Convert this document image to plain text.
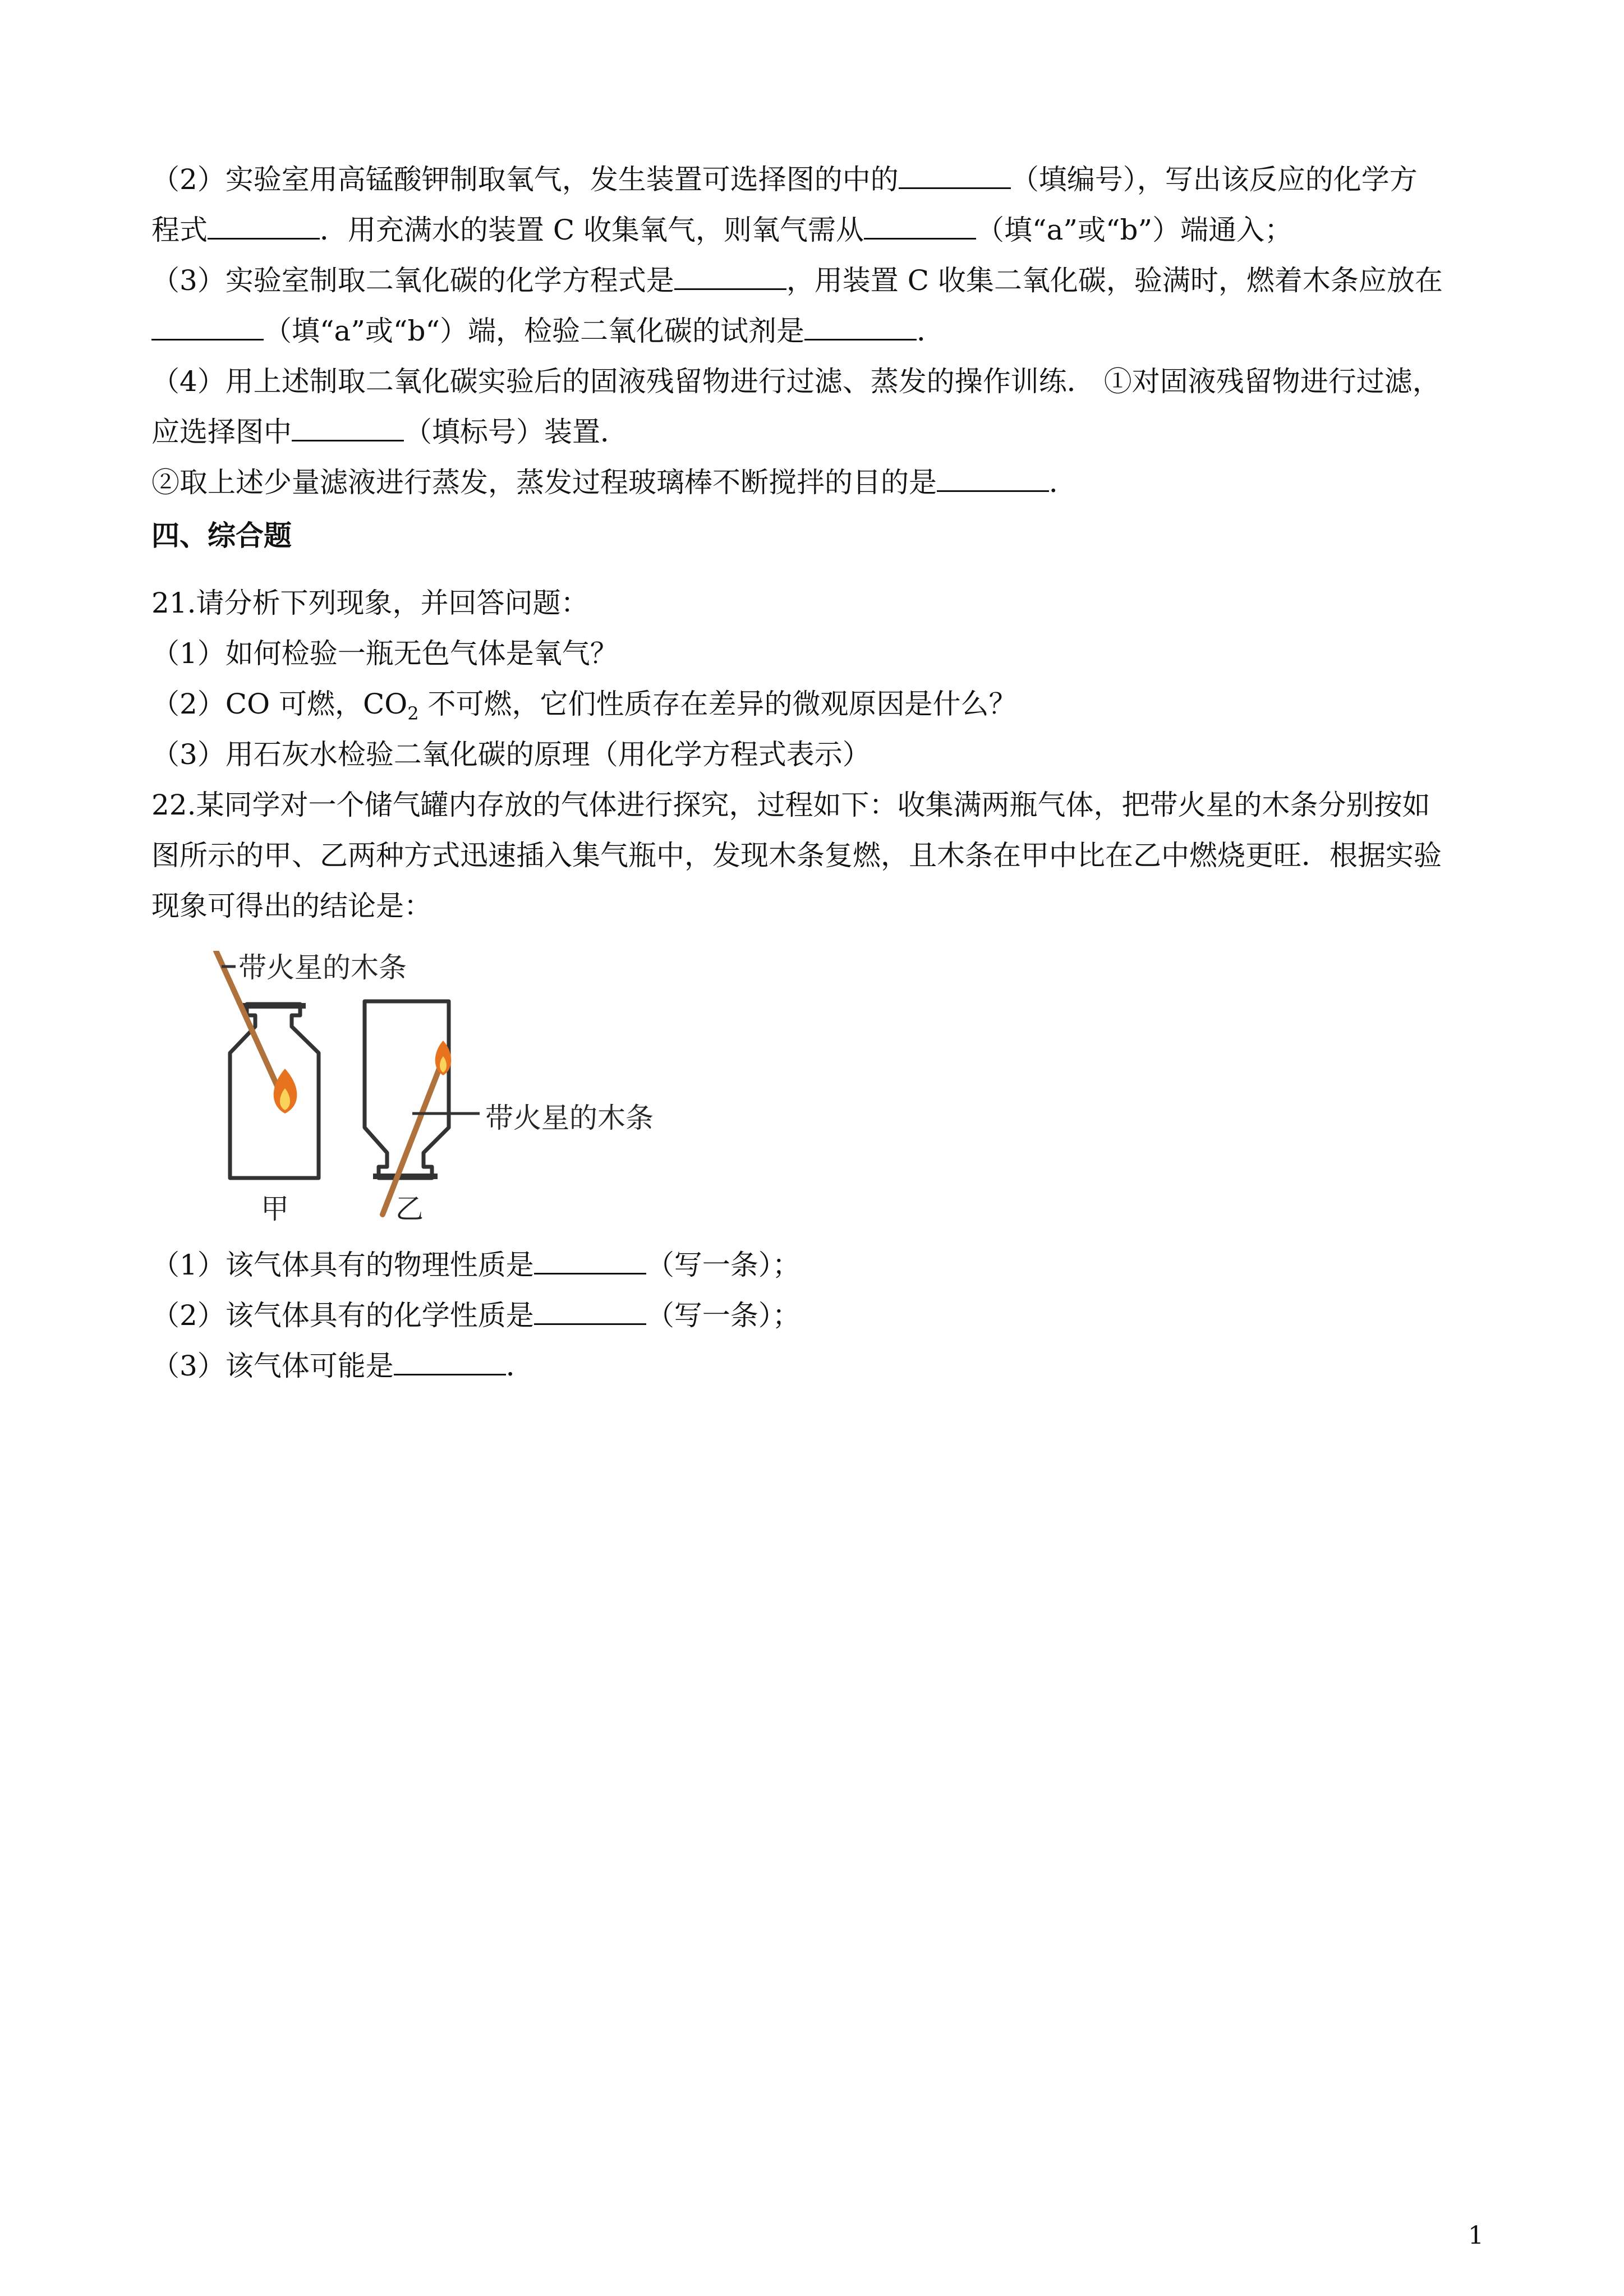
（2）实验室用高锰酸钾制取氧气，发生装置可选择图的中的	（填编号），写出该反应的化学方
程式	．用充满水的装置 C 收集氧气，则氧气需从	（填“a”或“b”）端通入；
（3）实验室制取二氧化碳的化学方程式是	，用装置 C 收集二氧化碳，验满时，燃着木条应放在
（填“a”或“b“）端，检验二氧化碳的试剂是	．
（4）用上述制取二氧化碳实验后的固液残留物进行过滤、蒸发的操作训练． ①对固液残留物进行过滤，
应选择图中	（填标号）装置．
②取上述少量滤液进行蒸发，蒸发过程玻璃棒不断搅拌的目的是	．
四、综合题
21.请分析下列现象，并回答问题：
（1）如何检验一瓶无色气体是氧气？
（2）CO 可燃，$CO_2$ 不可燃，它们性质存在差异的微观原因是什么？
（3）用石灰水检验二氧化碳的原理（用化学方程式表示）
22.某同学对一个储气罐内存放的气体进行探究，过程如下：收集满两瓶气体，把带火星的木条分别按如
图所示的甲、乙两种方式迅速插入集气瓶中，发现木条复燃，且木条在甲中比在乙中燃烧更旺．根据实验
现象可得出的结论是：
带火星的木条
带火星的木条
甲	乙
（1）该气体具有的物理性质是	（写一条）；
（2）该气体具有的化学性质是	（写一条）；
（3）该气体可能是	．
1
